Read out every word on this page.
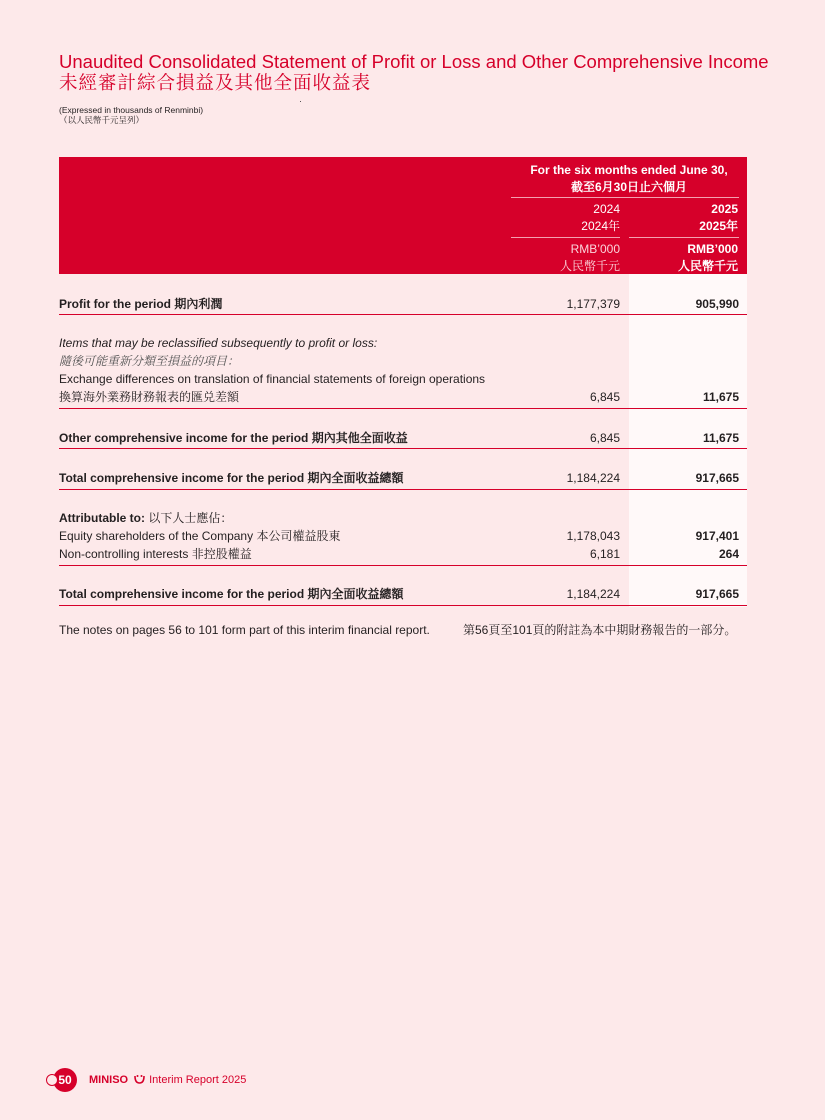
Unaudited Consolidated Statement of Profit or Loss and Other Comprehensive Income
未經審計綜合損益及其他全面收益表
(Expressed in thousands of Renminbi)
（以人民幣千元呈列）
For the six months ended June 30,
截至6月30日止六個月
2024
2024年
2025
2025年
RMB’000
人民幣千元
RMB’000
人民幣千元
Profit for the period 期內利潤	1,177,379	905,990
Items that may be reclassified subsequently to profit or loss:
隨後可能重新分類至損益的項目：
Exchange differences on translation of financial statements of foreign operations
換算海外業務財務報表的匯兑差額	6,845	11,675
Other comprehensive income for the period 期內其他全面收益	6,845	11,675
Total comprehensive income for the period 期內全面收益總額	1,184,224	917,665
Attributable to: 以下人士應佔：
Equity shareholders of the Company 本公司權益股東	1,178,043	917,401
Non-controlling interests 非控股權益	6,181	264
Total comprehensive income for the period 期內全面收益總額	1,184,224	917,665
The notes on pages 56 to 101 form part of this interim financial report.	第56頁至101頁的附註為本中期財務報告的一部分。
50	MINISO Interim Report 2025
